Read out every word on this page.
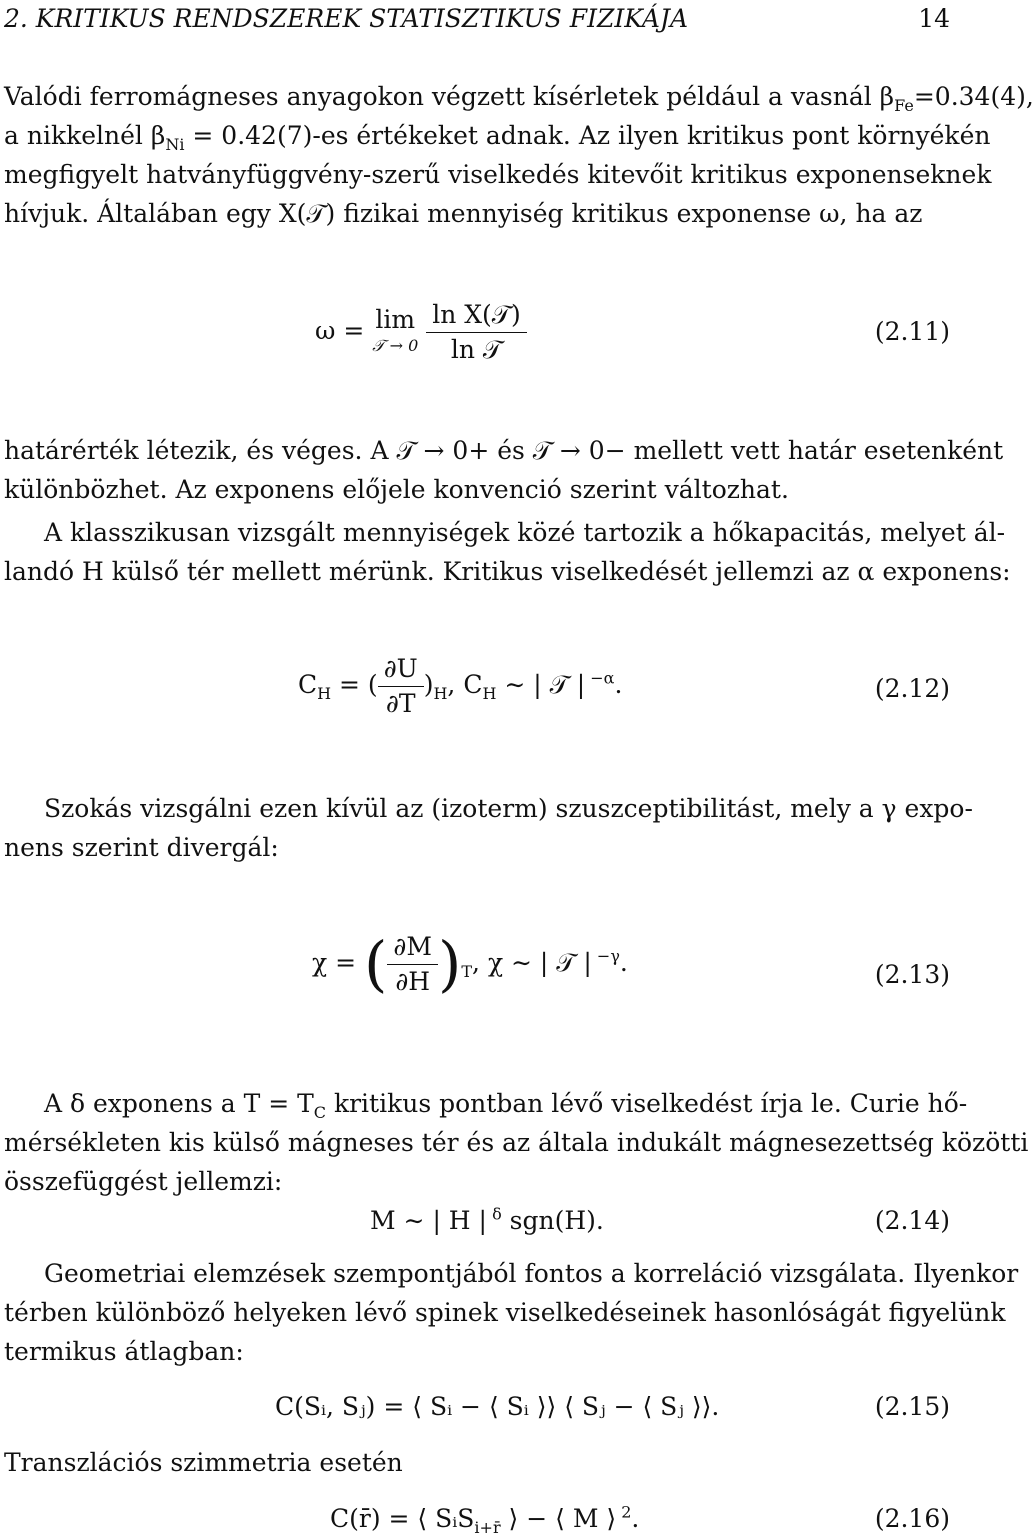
2. KRITIKUS RENDSZEREK STATISZTIKUS FIZIKÁJA	14
Valódi ferromágneses anyagokon végzett kísérletek például a vasnál $\beta_{Fe}=0.34(4)$,
a nikkelnél $\beta_{Ni} = 0.42(7)-es$ értékeket adnak. Az ilyen kritikus pont környékén
megfigyelt hatványfüggvény-szerű viselkedés kitevőit kritikus exponenseknek
hívjuk. Általában egy X(𝒯) fizikai mennyiség kritikus exponense ω, ha az
ω = lim
𝒯 → 0
$\frac{\text{ln X(𝒯)}}{\text{ln 𝒯}}$	(2.11)
határérték létezik, és véges. A 𝒯 → 0+ és 𝒯 → 0− mellett vett határ esetenként
különbözhet. Az exponens előjele konvenció szerint változhat.
A klasszikusan vizsgált mennyiségek közé tartozik a hőkapacitás, melyet ál-
landó H külső tér mellett mérünk. Kritikus viselkedését jellemzi az α exponens:
$C_H$ = ( $\frac{\partial U}{\partial T} )_H$, $C_H$ ∼ | 𝒯 | $^{-\alpha}$.	(2.12)
Szokás vizsgálni ezen kívül az (izoterm) szuszceptibilitást, mely a γ expo-
nens szerint divergál:
χ = ( $\frac{\partial M}{\partial H} )_T$, χ ∼ | 𝒯 | $^{-\gamma}$.	(2.13)
A δ exponens a $T = T_C$ kritikus pontban lévő viselkedést írja le. Curie hő-
mérsékleten kis külső mágneses tér és az általa indukált mágnesezettség közötti
összefüggést jellemzi:
M ∼ | H | $^\delta$ sgn(H).	(2.14)
Geometriai elemzések szempontjából fontos a korreláció vizsgálata. Ilyenkor
térben különböző helyeken lévő spinek viselkedéseinek hasonlóságát figyelünk
termikus átlagban:
C(Sᵢ, Sⱼ) = ⟨ Sᵢ − ⟨ Sᵢ ⟩⟩ ⟨ Sⱼ − ⟨ Sⱼ ⟩⟩.	(2.15)
Transzlációs szimmetria esetén
C(r̄) = ⟨ SᵢS$_{i+r̄}$ ⟩ − ⟨ M ⟩ $^2$.	(2.16)
